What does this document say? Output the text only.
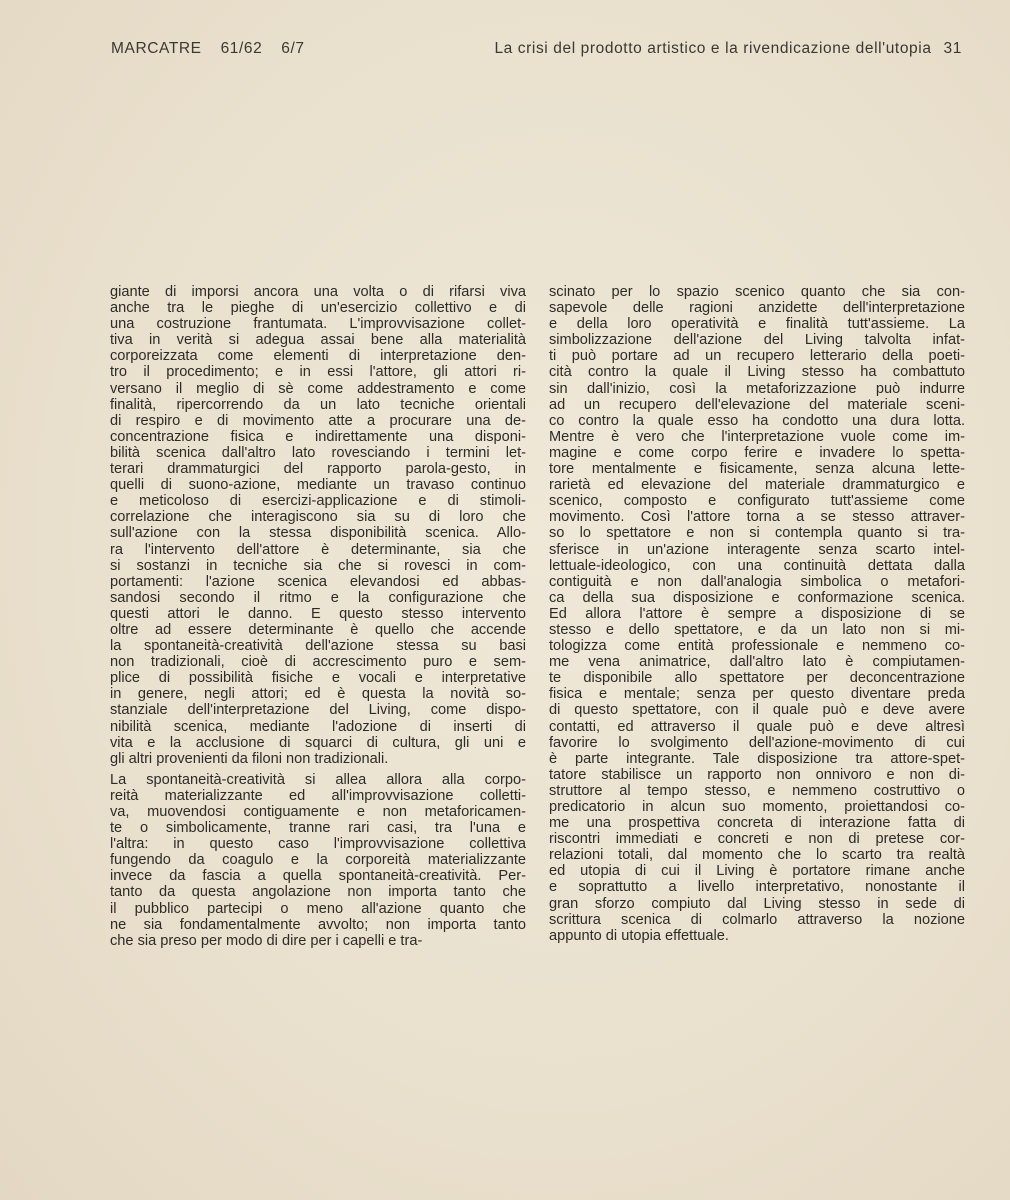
MARCATRE 61/62 6/7	La crisi del prodotto artistico e la rivendicazione dell'utopia 31
giante di imporsi ancora una volta o di rifarsi viva
anche tra le pieghe di un'esercizio collettivo e di
una costruzione frantumata. L'improvvisazione collet-
tiva in verità si adegua assai bene alla materialità
corporeizzata come elementi di interpretazione den-
tro il procedimento; e in essi l'attore, gli attori ri-
versano il meglio di sè come addestramento e come
finalità, ripercorrendo da un lato tecniche orientali
di respiro e di movimento atte a procurare una de-
concentrazione fisica e indirettamente una disponi-
bilità scenica dall'altro lato rovesciando i termini let-
terari drammaturgici del rapporto parola-gesto, in
quelli di suono-azione, mediante un travaso continuo
e meticoloso di esercizi-applicazione e di stimoli-
correlazione che interagiscono sia su di loro che
sull'azione con la stessa disponibilità scenica. Allo-
ra l'intervento dell'attore è determinante, sia che
si sostanzi in tecniche sia che si rovesci in com-
portamenti: l'azione scenica elevandosi ed abbas-
sandosi secondo il ritmo e la configurazione che
questi attori le danno. E questo stesso intervento
oltre ad essere determinante è quello che accende
la spontaneità-creatività dell'azione stessa su basi
non tradizionali, cioè di accrescimento puro e sem-
plice di possibilità fisiche e vocali e interpretative
in genere, negli attori; ed è questa la novità so-
stanziale dell'interpretazione del Living, come dispo-
nibilità scenica, mediante l'adozione di inserti di
vita e la acclusione di squarci di cultura, gli uni e
gli altri provenienti da filoni non tradizionali.
La spontaneità-creatività si allea allora alla corpo-
reità materializzante ed all'improvvisazione colletti-
va, muovendosi contiguamente e non metaforicamen-
te o simbolicamente, tranne rari casi, tra l'una e
l'altra: in questo caso l'improvvisazione collettiva
fungendo da coagulo e la corporeità materializzante
invece da fascia a quella spontaneità-creatività. Per-
tanto da questa angolazione non importa tanto che
il pubblico partecipi o meno all'azione quanto che
ne sia fondamentalmente avvolto; non importa tanto
che sia preso per modo di dire per i capelli e tra-
scinato per lo spazio scenico quanto che sia con-
sapevole delle ragioni anzidette dell'interpretazione
e della loro operatività e finalità tutt'assieme. La
simbolizzazione dell'azione del Living talvolta infat-
ti può portare ad un recupero letterario della poeti-
cità contro la quale il Living stesso ha combattuto
sin dall'inizio, così la metaforizzazione può indurre
ad un recupero dell'elevazione del materiale sceni-
co contro la quale esso ha condotto una dura lotta.
Mentre è vero che l'interpretazione vuole come im-
magine e come corpo ferire e invadere lo spetta-
tore mentalmente e fisicamente, senza alcuna lette-
rarietà ed elevazione del materiale drammaturgico e
scenico, composto e configurato tutt'assieme come
movimento. Così l'attore torna a se stesso attraver-
so lo spettatore e non si contempla quanto si tra-
sferisce in un'azione interagente senza scarto intel-
lettuale-ideologico, con una continuità dettata dalla
contiguità e non dall'analogia simbolica o metafori-
ca della sua disposizione e conformazione scenica.
Ed allora l'attore è sempre a disposizione di se
stesso e dello spettatore, e da un lato non si mi-
tologizza come entità professionale e nemmeno co-
me vena animatrice, dall'altro lato è compiutamen-
te disponibile allo spettatore per deconcentrazione
fisica e mentale; senza per questo diventare preda
di questo spettatore, con il quale può e deve avere
contatti, ed attraverso il quale può e deve altresì
favorire lo svolgimento dell'azione-movimento di cui
è parte integrante. Tale disposizione tra attore-spet-
tatore stabilisce un rapporto non onnivoro e non di-
struttore al tempo stesso, e nemmeno costruttivo o
predicatorio in alcun suo momento, proiettandosi co-
me una prospettiva concreta di interazione fatta di
riscontri immediati e concreti e non di pretese cor-
relazioni totali, dal momento che lo scarto tra realtà
ed utopia di cui il Living è portatore rimane anche
e soprattutto a livello interpretativo, nonostante il
gran sforzo compiuto dal Living stesso in sede di
scrittura scenica di colmarlo attraverso la nozione
appunto di utopia effettuale.
